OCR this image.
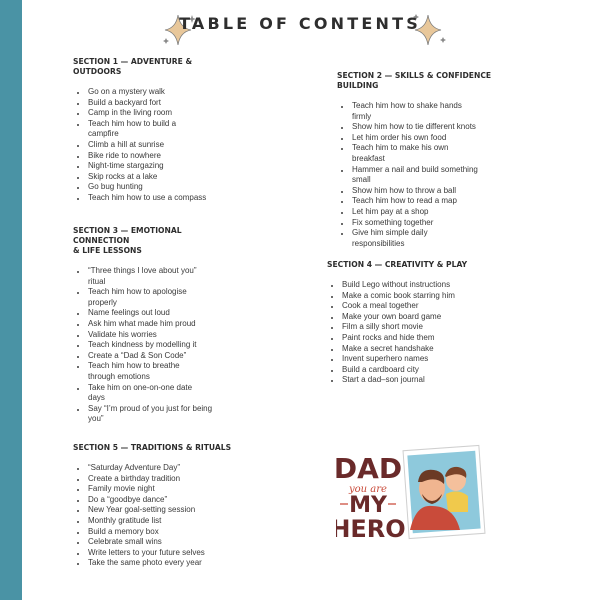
TABLE OF CONTENTS
SECTION 1 — ADVENTURE &
OUTDOORS
• Go on a mystery walk
• Build a backyard fort
• Camp in the living room
• Teach him how to build a campfire
• Climb a hill at sunrise
• Bike ride to nowhere
• Night-time stargazing
• Skip rocks at a lake
• Go bug hunting
• Teach him how to use a compass
SECTION 2 — SKILLS & CONFIDENCE
BUILDING
• Teach him how to shake hands firmly
• Show him how to tie different knots
• Let him order his own food
• Teach him to make his own breakfast
• Hammer a nail and build something small
• Show him how to throw a ball
• Teach him how to read a map
• Let him pay at a shop
• Fix something together
• Give him simple daily responsibilities
SECTION 3 — EMOTIONAL
CONNECTION
& LIFE LESSONS
• “Three things I love about you” ritual
• Teach him how to apologise properly
• Name feelings out loud
• Ask him what made him proud
• Validate his worries
• Teach kindness by modelling it
• Create a “Dad & Son Code”
• Teach him how to breathe through emotions
• Take him on one-on-one date days
• Say “I’m proud of you just for being you”
SECTION 4 — CREATIVITY & PLAY
• Build Lego without instructions
• Make a comic book starring him
• Cook a meal together
• Make your own board game
• Film a silly short movie
• Paint rocks and hide them
• Make a secret handshake
• Invent superhero names
• Build a cardboard city
• Start a dad–son journal
SECTION 5 — TRADITIONS & RITUALS
• “Saturday Adventure Day”
• Create a birthday tradition
• Family movie night
• Do a “goodbye dance”
• New Year goal-setting session
• Monthly gratitude list
• Build a memory box
• Celebrate small wins
• Write letters to your future selves
• Take the same photo every year
DAD
you are
MY
HERO
